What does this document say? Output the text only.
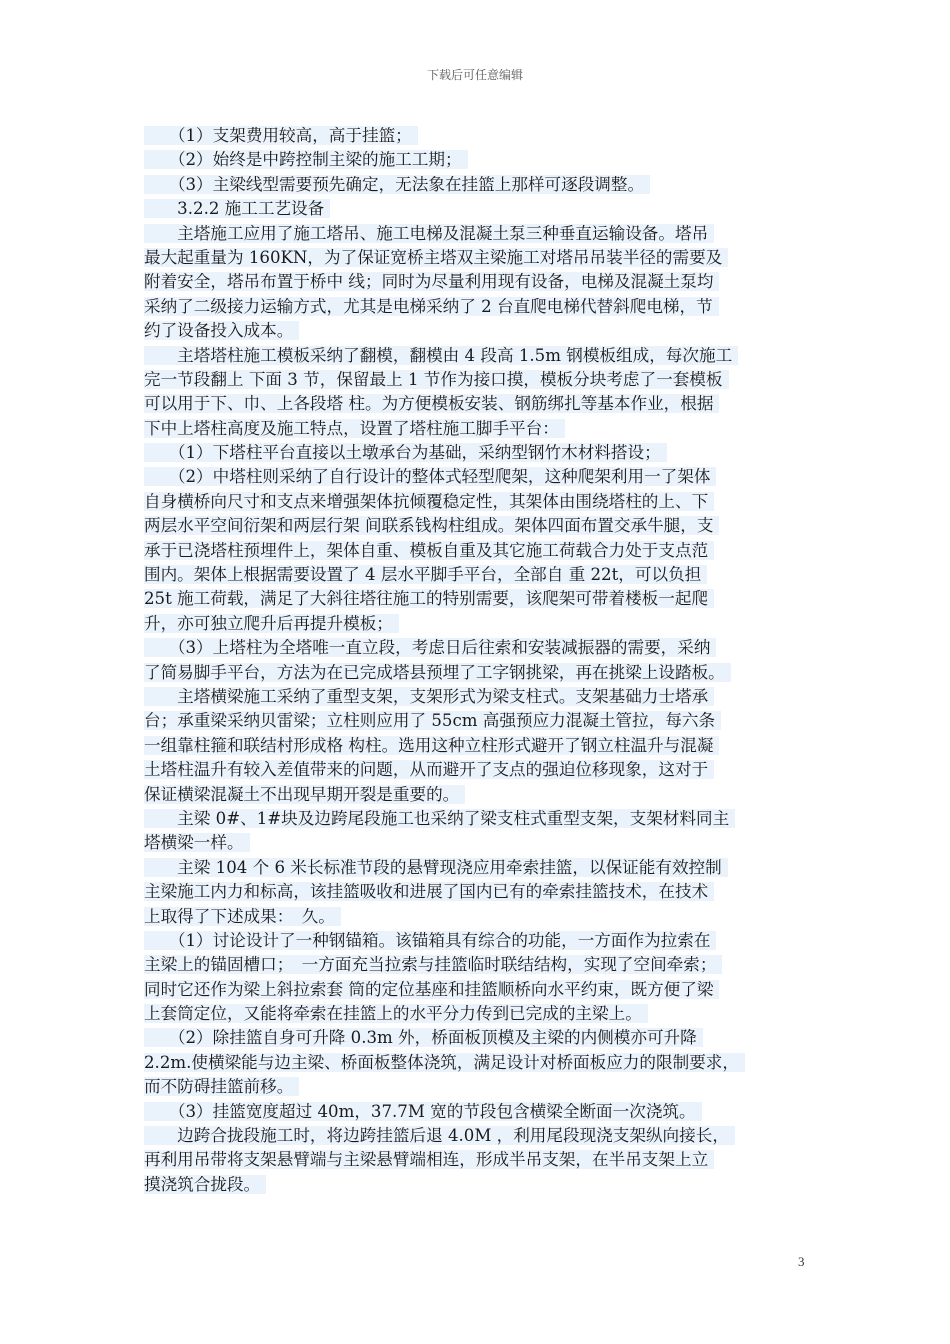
下载后可任意编辑
　　（1）支架费用较高，高于挂篮；
　　（2）始终是中跨控制主梁的施工工期；
　　（3）主梁线型需要预先确定，无法象在挂篮上那样可逐段调整。
　　3.2.2 施工工艺设备
　　主塔施工应用了施工塔吊、施工电梯及混凝土泵三种垂直运输设备。塔吊
最大起重量为 160KN，为了保证宽桥主塔双主梁施工对塔吊吊装半径的需要及
附着安全，塔吊布置于桥中 线；同时为尽量利用现有设备，电梯及混凝土泵均
采纳了二级接力运输方式，尤其是电梯采纳了 2 台直爬电梯代替斜爬电梯，节
约了设备投入成本。
　　主塔塔柱施工模板采纳了翻模，翻模由 4 段高 1.5m 钢模板组成，每次施工
完一节段翻上 下面 3 节，保留最上 1 节作为接口摸，模板分块考虑了一套模板
可以用于下、巾、上各段塔 柱。为方便模板安装、钢筋绑扎等基本作业，根据
下中上塔柱高度及施工特点，设置了塔柱施工脚手平台：
　　（1）下塔柱平台直接以土墩承台为基础，采纳型钢竹木材料搭设；
　　（2）中塔柱则采纳了自行设计的整体式轻型爬架，这种爬架利用一了架体
自身横桥向尺寸和支点来增强架体抗倾覆稳定性，其架体由围绕塔柱的上、下
两层水平空间衍架和两层行架 间联系钱构柱组成。架体四面布置交承牛腿，支
承于已浇塔柱预埋件上，架体自重、模板自重及其它施工荷载合力处于支点范
围内。架体上根据需要设置了 4 层水平脚手平台，全部自 重 22t，可以负担
25t 施工荷载，满足了大斜往塔往施工的特别需要，该爬架可带着楼板一起爬
升，亦可独立爬升后再提升模板；
　　（3）上塔柱为全塔唯一直立段，考虑日后往索和安装减振器的需要，采纳
了简易脚手平台，方法为在已完成塔县预埋了工字钢挑梁，再在挑梁上设踏板。
　　主塔横梁施工采纳了重型支架，支架形式为梁支柱式。支架基础力士塔承
台；承重梁采纳贝雷梁；立柱则应用了 55cm 高强预应力混凝土管拉，每六条
一组靠柱箍和联结村形成格 构柱。选用这种立柱形式避开了钢立柱温升与混凝
土塔柱温升有较入差值带来的问题，从而避开了支点的强迫位移现象，这对于
保证横梁混凝土不出现早期开裂是重要的。
　　主梁 0#、1#块及边跨尾段施工也采纳了梁支柱式重型支架，支架材料同主
塔横梁一样。
　　主梁 104 个 6 米长标准节段的悬臂现浇应用牵索挂篮，以保证能有效控制
主梁施工内力和标高，该挂篮吸收和进展了国内已有的牵索挂篮技术，在技术
上取得了下述成果：　久。
　　（1）讨论设计了一种钢锚箱。该锚箱具有综合的功能，一方面作为拉索在
主梁上的锚固槽口；　一方面充当拉索与挂篮临时联结结构，实现了空间牵索；
同时它还作为梁上斜拉索套 筒的定位基座和挂篮顺桥向水平约束，既方便了梁
上套筒定位，又能将牵索在挂篮上的水平分力传到已完成的主梁上。
　　（2）除挂篮自身可升降 0.3m 外，桥面板顶模及主梁的内侧模亦可升降
2.2m.使横梁能与边主梁、桥面板整体浇筑，满足设计对桥面板应力的限制要求，
而不防碍挂篮前移。
　　（3）挂篮宽度超过 40m，37.7M 宽的节段包含横梁全断面一次浇筑。
　　边跨合拢段施工时，将边跨挂篮后退 4.0M ，利用尾段现浇支架纵向接长，
再利用吊带将支架悬臂端与主梁悬臂端相连，形成半吊支架，在半吊支架上立
摸浇筑合拢段。
3
